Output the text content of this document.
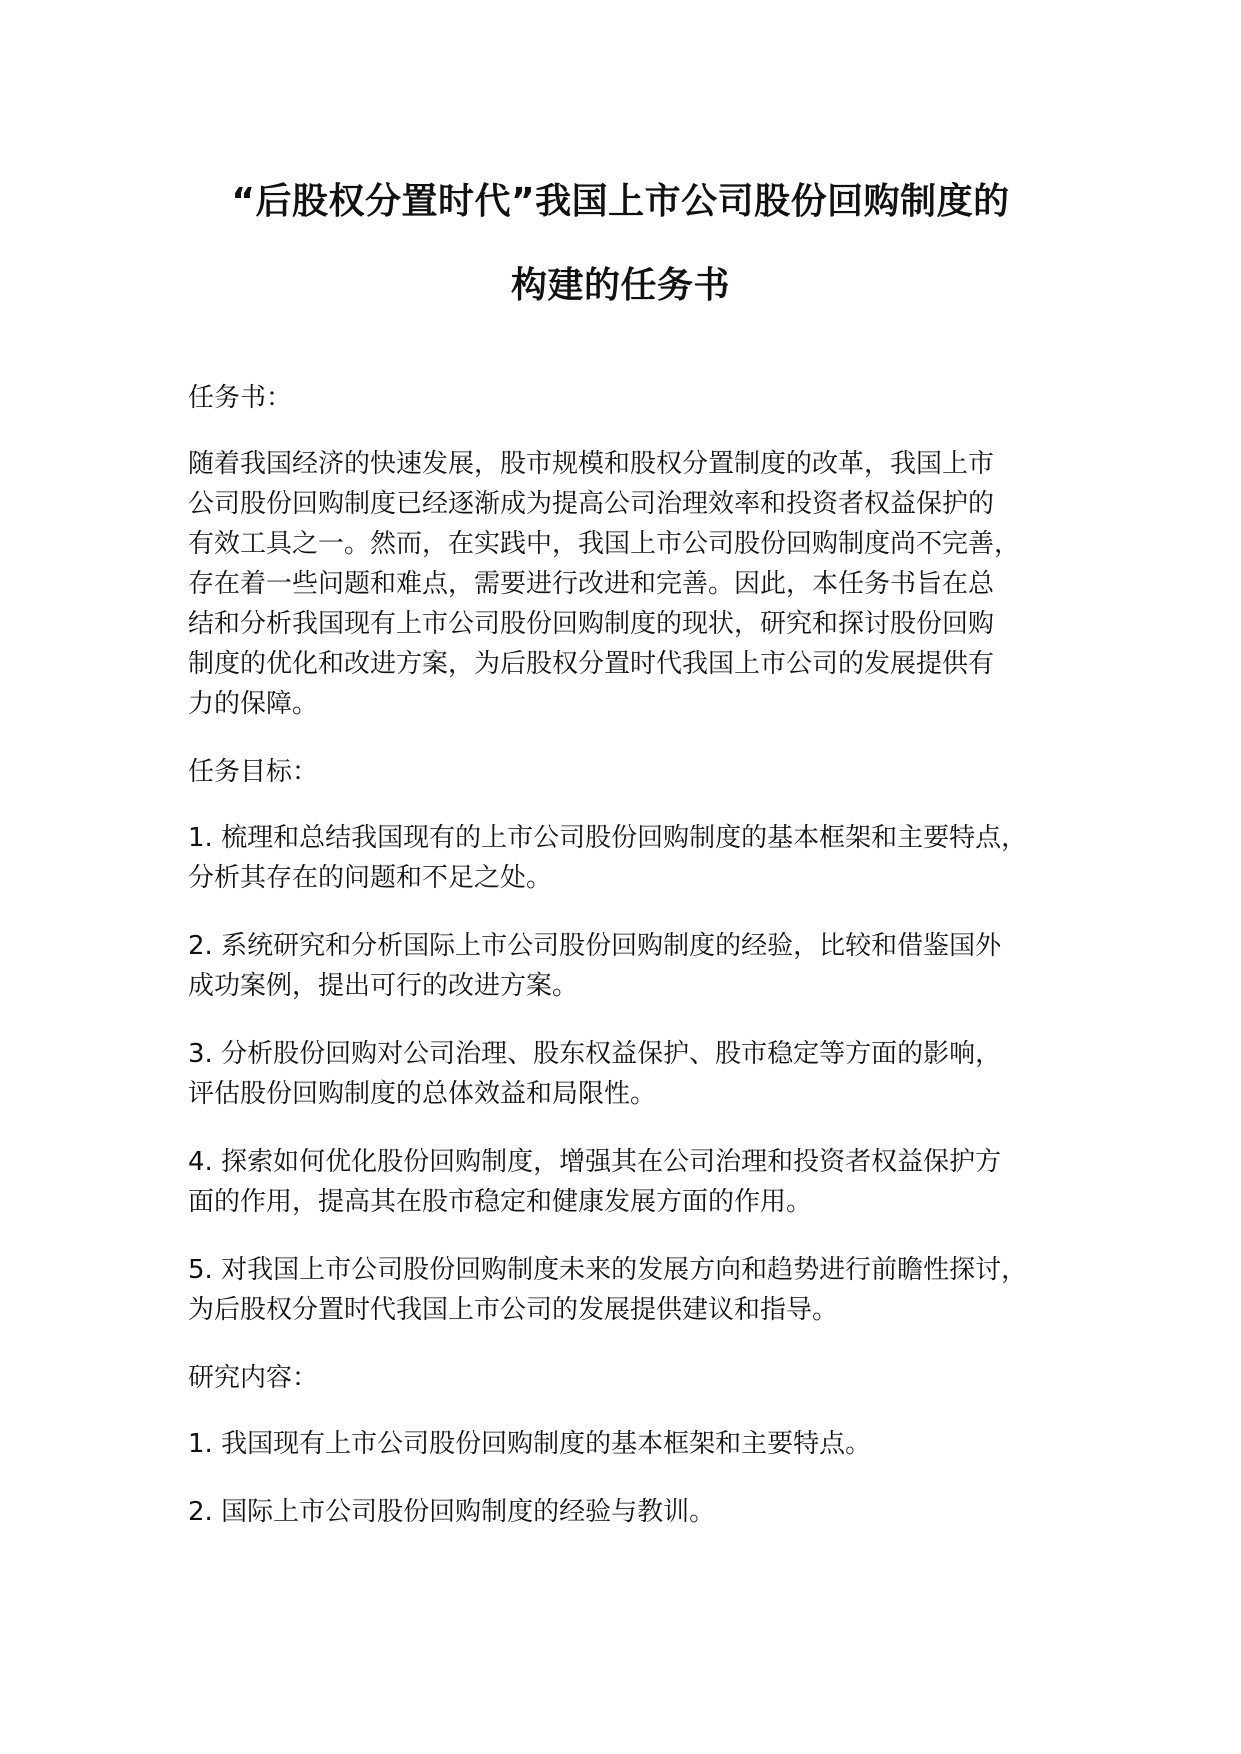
“后股权分置时代”我国上市公司股份回购制度的
构建的任务书

任务书：

随着我国经济的快速发展，股市规模和股权分置制度的改革，我国上市
公司股份回购制度已经逐渐成为提高公司治理效率和投资者权益保护的
有效工具之一。然而，在实践中，我国上市公司股份回购制度尚不完善，
存在着一些问题和难点，需要进行改进和完善。因此，本任务书旨在总
结和分析我国现有上市公司股份回购制度的现状，研究和探讨股份回购
制度的优化和改进方案，为后股权分置时代我国上市公司的发展提供有
力的保障。

任务目标：

1. 梳理和总结我国现有的上市公司股份回购制度的基本框架和主要特点，
分析其存在的问题和不足之处。

2. 系统研究和分析国际上市公司股份回购制度的经验，比较和借鉴国外
成功案例，提出可行的改进方案。

3. 分析股份回购对公司治理、股东权益保护、股市稳定等方面的影响，
评估股份回购制度的总体效益和局限性。

4. 探索如何优化股份回购制度，增强其在公司治理和投资者权益保护方
面的作用，提高其在股市稳定和健康发展方面的作用。

5. 对我国上市公司股份回购制度未来的发展方向和趋势进行前瞻性探讨，
为后股权分置时代我国上市公司的发展提供建议和指导。

研究内容：

1. 我国现有上市公司股份回购制度的基本框架和主要特点。

2. 国际上市公司股份回购制度的经验与教训。
